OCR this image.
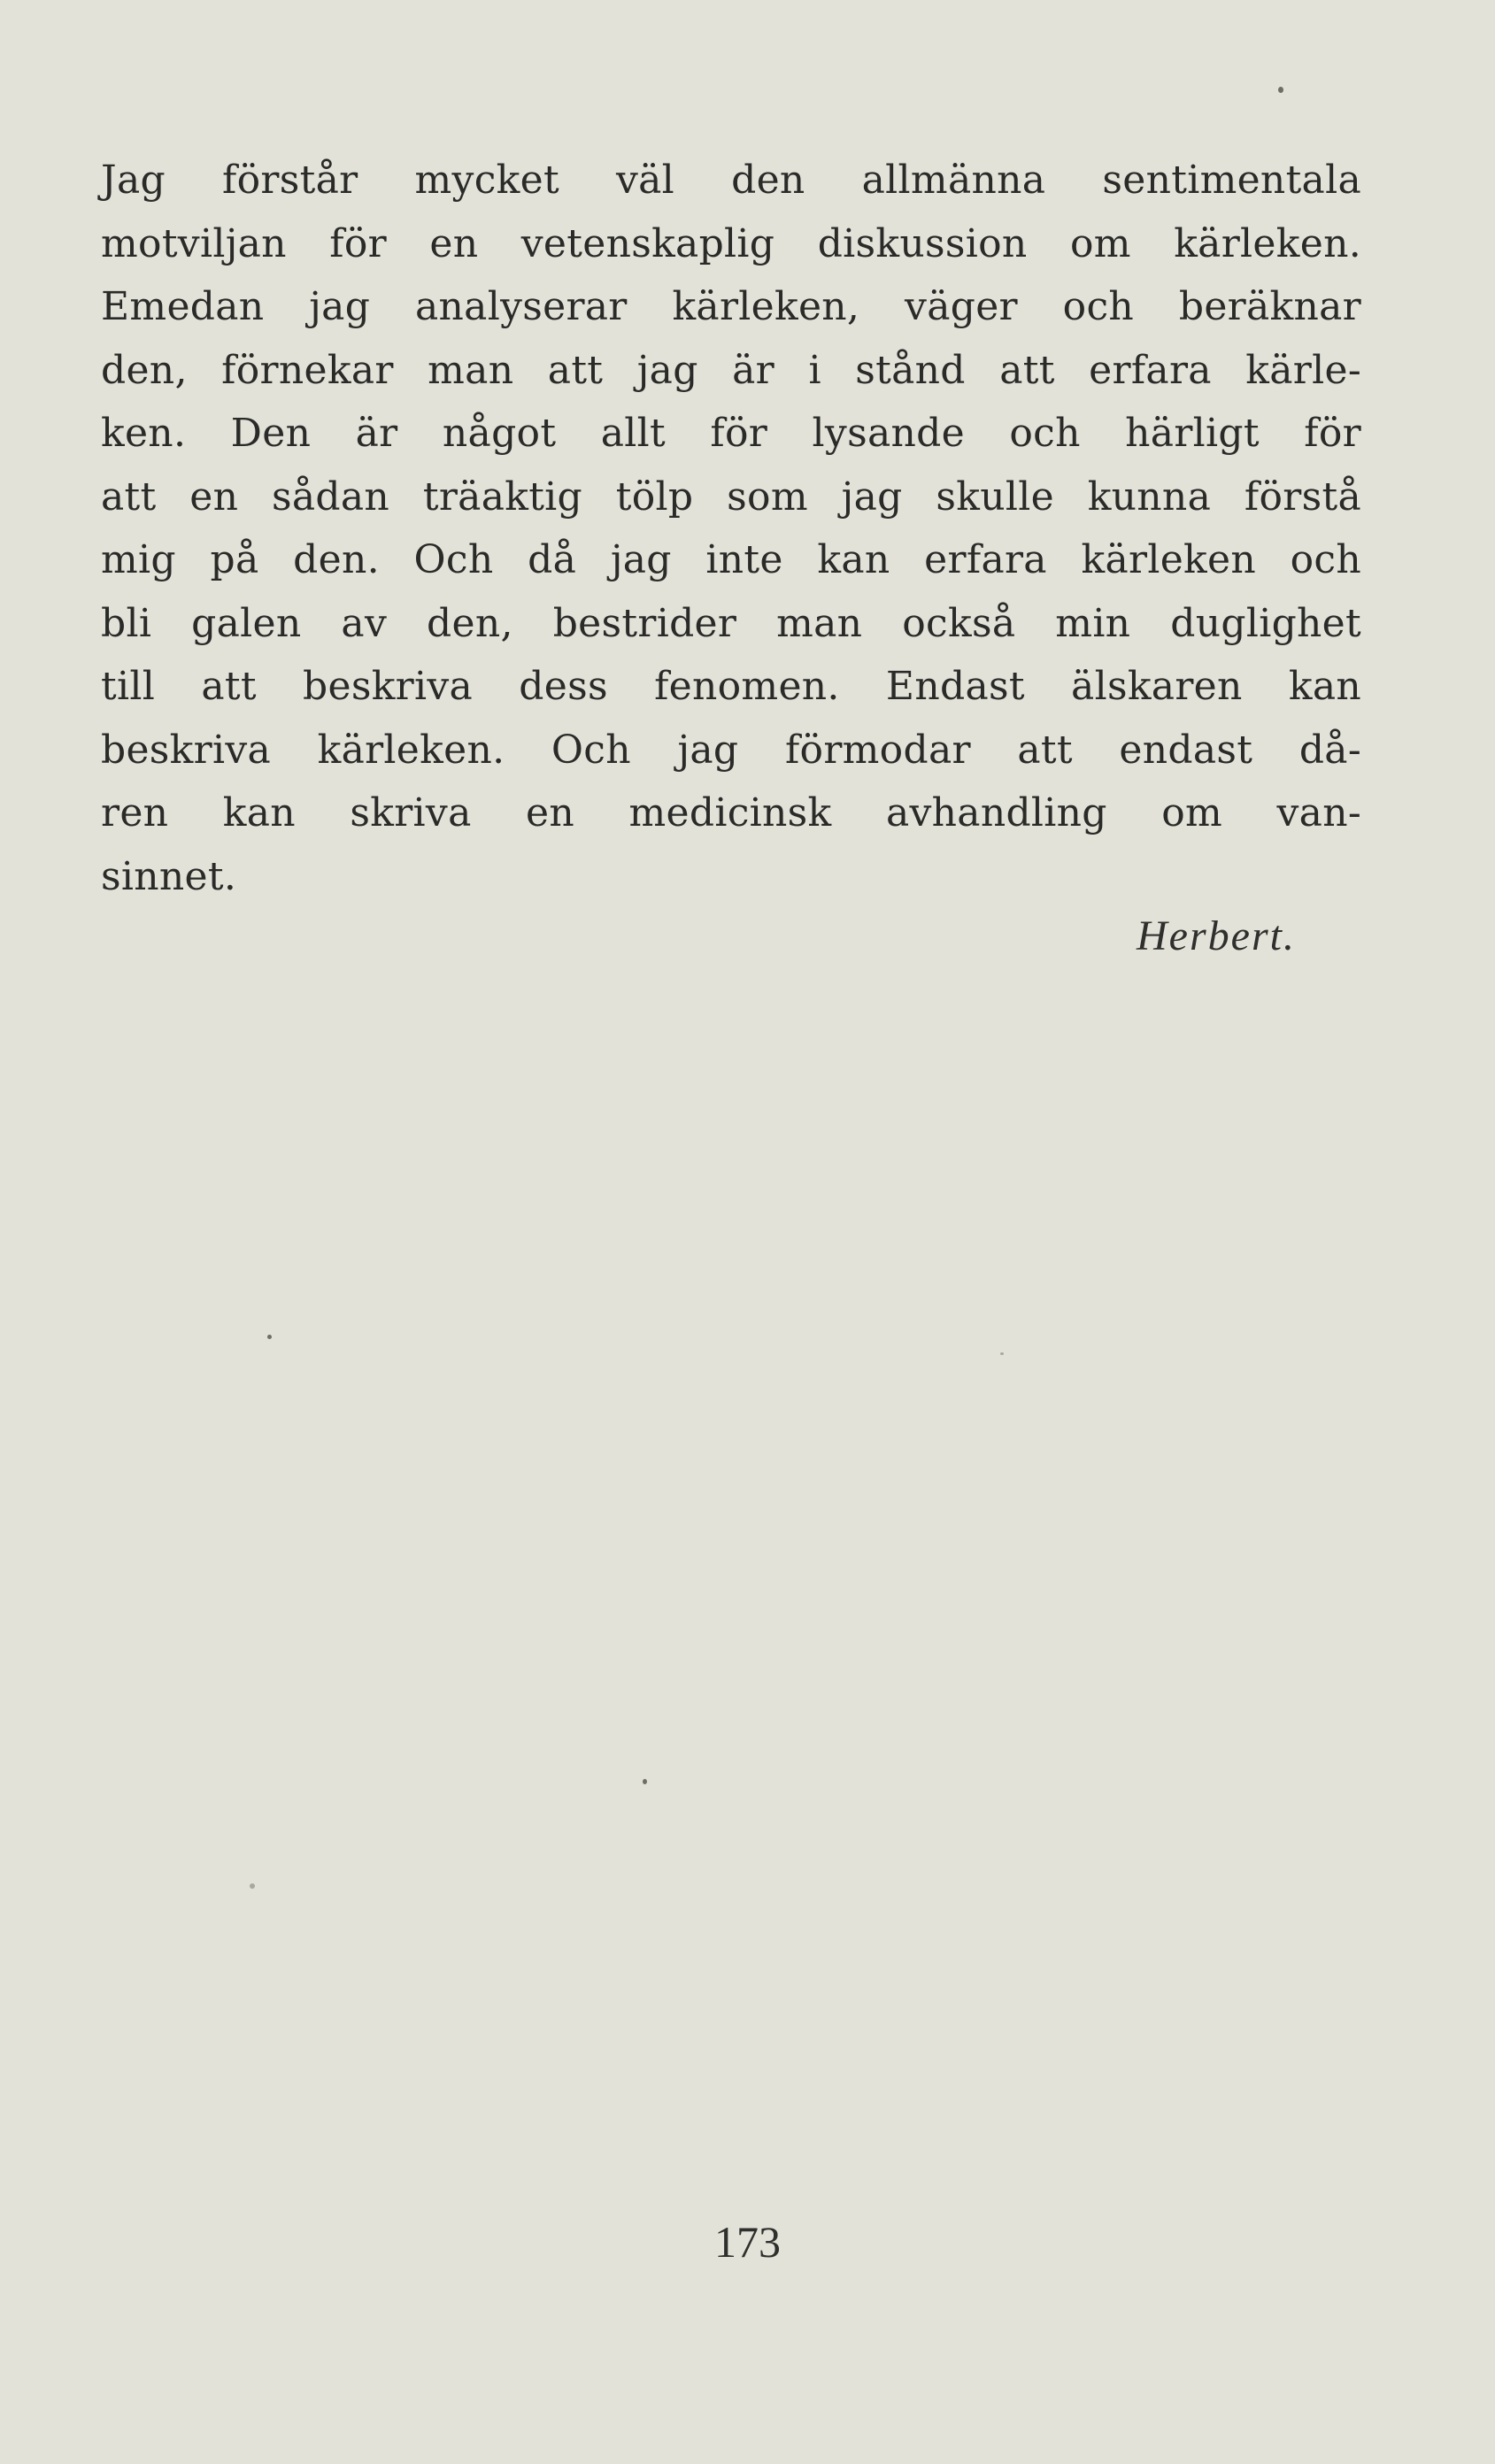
Jag förstår mycket väl den allmänna sentimentala
motviljan för en vetenskaplig diskussion om kärleken.
Emedan jag analyserar kärleken, väger och beräknar
den, förnekar man att jag är i stånd att erfara kärle-
ken. Den är något allt för lysande och härligt för
att en sådan träaktig tölp som jag skulle kunna förstå
mig på den. Och då jag inte kan erfara kärleken och
bli galen av den, bestrider man också min duglighet
till att beskriva dess fenomen. Endast älskaren kan
beskriva kärleken. Och jag förmodar att endast då-
ren kan skriva en medicinsk avhandling om van-
sinnet.
Herbert.
173
